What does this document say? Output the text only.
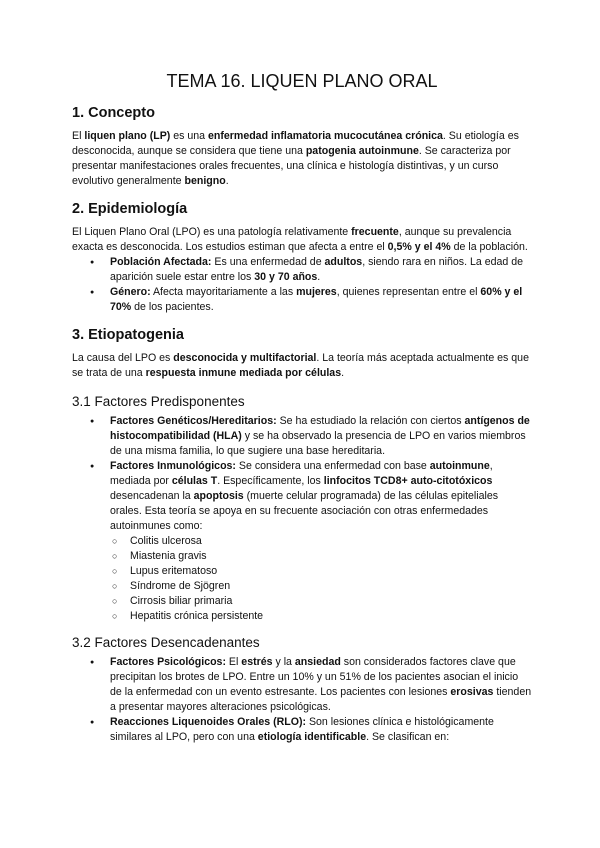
TEMA 16. LIQUEN PLANO ORAL
1. Concepto

El liquen plano (LP) es una enfermedad inflamatoria mucocutánea crónica. Su etiología es desconocida, aunque se considera que tiene una patogenia autoinmune. Se caracteriza por presentar manifestaciones orales frecuentes, una clínica e histología distintivas, y un curso evolutivo generalmente benigno.

2. Epidemiología

El Liquen Plano Oral (LPO) es una patología relativamente frecuente, aunque su prevalencia exacta es desconocida. Los estudios estiman que afecta a entre el 0,5% y el 4% de la población.

● Población Afectada: Es una enfermedad de adultos, siendo rara en niños. La edad de aparición suele estar entre los 30 y 70 años.
● Género: Afecta mayoritariamente a las mujeres, quienes representan entre el 60% y el 70% de los pacientes.
3. Etiopatogenia

La causa del LPO es desconocida y multifactorial. La teoría más aceptada actualmente es que se trata de una respuesta inmune mediada por células.

3.1 Factores Predisponentes
● Factores Genéticos/Hereditarios: Se ha estudiado la relación con ciertos antígenos de histocompatibilidad (HLA) y se ha observado la presencia de LPO en varios miembros de una misma familia, lo que sugiere una base hereditaria.
● Factores Inmunológicos: Se considera una enfermedad con base autoinmune, mediada por células T. Específicamente, los linfocitos TCD8+ auto-citotóxicos desencadenan la apoptosis (muerte celular programada) de las células epiteliales orales. Esta teoría se apoya en su frecuente asociación con otras enfermedades autoinmunes como:
○ Colitis ulcerosa
○ Miastenia gravis
○ Lupus eritematoso
○ Síndrome de Sjögren
○ Cirrosis biliar primaria
○ Hepatitis crónica persistente
3.2 Factores Desencadenantes
● Factores Psicológicos: El estrés y la ansiedad son considerados factores clave que precipitan los brotes de LPO. Entre un 10% y un 51% de los pacientes asocian el inicio de la enfermedad con un evento estresante. Los pacientes con lesiones erosivas tienden a presentar mayores alteraciones psicológicas.
● Reacciones Liquenoides Orales (RLO): Son lesiones clínica e histológicamente similares al LPO, pero con una etiología identificable. Se clasifican en:
